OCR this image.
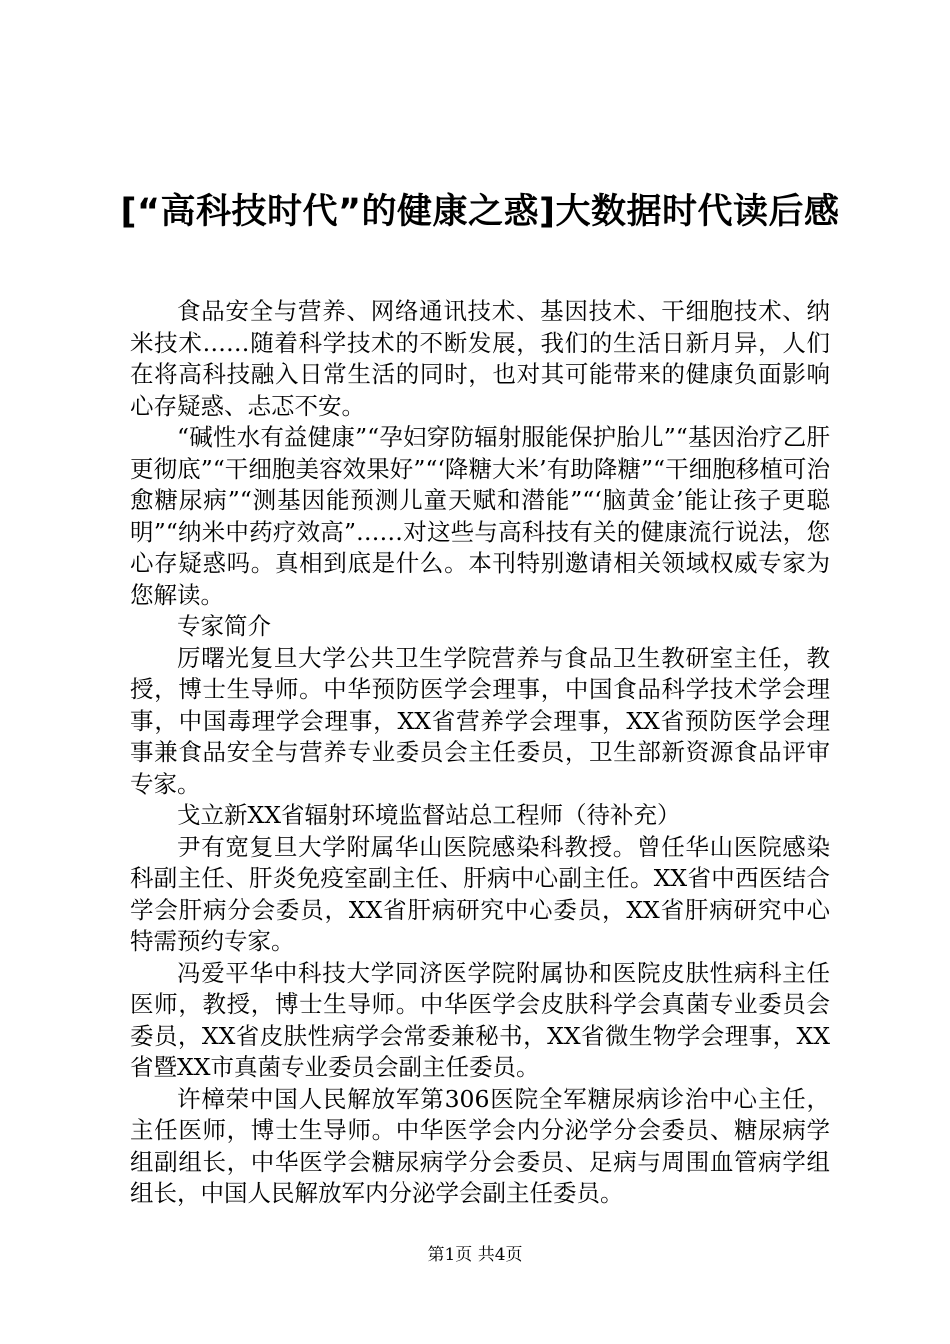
[“高科技时代”的健康之惑]大数据时代读后感

食品安全与营养、网络通讯技术、基因技术、干细胞技术、纳米技术……随着科学技术的不断发展，我们的生活日新月异，人们在将高科技融入日常生活的同时，也对其可能带来的健康负面影响心存疑惑、忐忑不安。

“碱性水有益健康”“孕妇穿防辐射服能保护胎儿”“基因治疗乙肝更彻底”“干细胞美容效果好”“‘降糖大米’有助降糖”“干细胞移植可治愈糖尿病”“测基因能预测儿童天赋和潜能”“‘脑黄金’能让孩子更聪明”“纳米中药疗效高”……对这些与高科技有关的健康流行说法，您心存疑惑吗。真相到底是什么。本刊特别邀请相关领域权威专家为您解读。

专家简介

厉曙光复旦大学公共卫生学院营养与食品卫生教研室主任，教授，博士生导师。中华预防医学会理事，中国食品科学技术学会理事，中国毒理学会理事，XX省营养学会理事，XX省预防医学会理事兼食品安全与营养专业委员会主任委员，卫生部新资源食品评审专家。

戈立新XX省辐射环境监督站总工程师（待补充）

尹有宽复旦大学附属华山医院感染科教授。曾任华山医院感染科副主任、肝炎免疫室副主任、肝病中心副主任。XX省中西医结合学会肝病分会委员，XX省肝病研究中心委员，XX省肝病研究中心特需预约专家。

冯爱平华中科技大学同济医学院附属协和医院皮肤性病科主任医师，教授，博士生导师。中华医学会皮肤科学会真菌专业委员会委员，XX省皮肤性病学会常委兼秘书，XX省微生物学会理事，XX省暨XX市真菌专业委员会副主任委员。

许樟荣中国人民解放军第306医院全军糖尿病诊治中心主任，主任医师，博士生导师。中华医学会内分泌学分会委员、糖尿病学组副组长，中华医学会糖尿病学分会委员、足病与周围血管病学组组长，中国人民解放军内分泌学会副主任委员。

第1页 共4页
